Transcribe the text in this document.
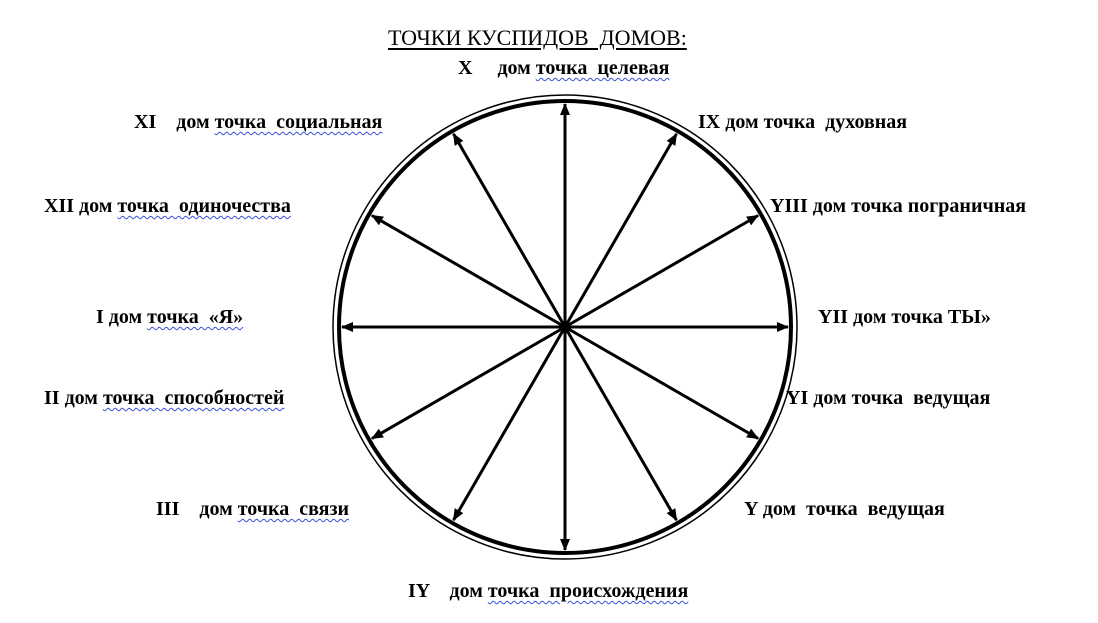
ТОЧКИ КУСПИДОВ  ДОМОВ:
X     дом точка  целевая
XI    дом точка  социальная
XII дом точка  одиночества
I дом точка  «Я»
II дом точка  способностей
III    дом точка  связи
IY    дом точка  происхождения
Y дом  точка  ведущая
YI дом точка  ведущая
YII дом точка ТЫ»
YIII дом точка пограничная
IX дом точка  духовная
